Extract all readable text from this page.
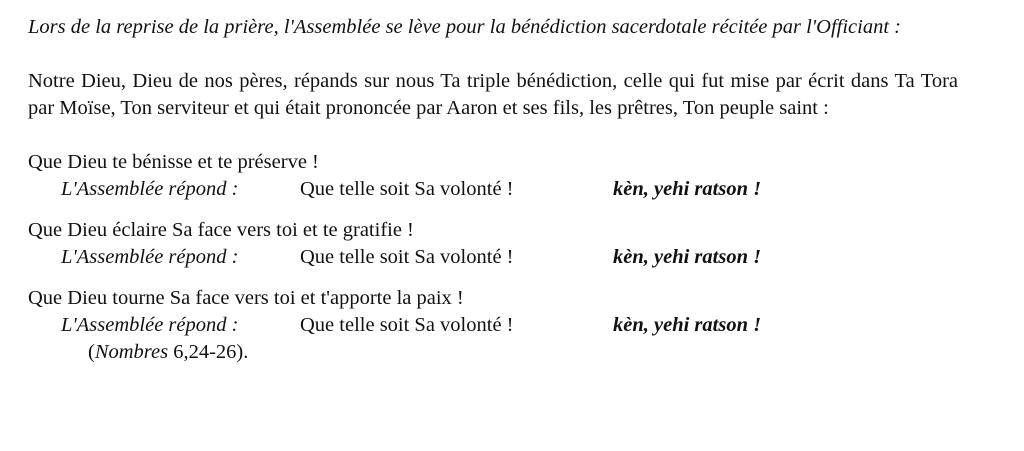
Lors de la reprise de la prière, l'Assemblée se lève pour la bénédiction sacerdotale récitée par l'Officiant :

Notre Dieu, Dieu de nos pères, répands sur nous Ta triple bénédiction, celle qui fut mise par écrit dans Ta Tora par Moïse, Ton serviteur et qui était prononcée par Aaron et ses fils, les prêtres, Ton peuple saint :

Que Dieu te bénisse et te préserve !
L'Assemblée répond :	Que telle soit Sa volonté !	kèn, yehi ratson !
Que Dieu éclaire Sa face vers toi et te gratifie !
L'Assemblée répond :	Que telle soit Sa volonté !	kèn, yehi ratson !
Que Dieu tourne Sa face vers toi et t'apporte la paix !
L'Assemblée répond :	Que telle soit Sa volonté !	kèn, yehi ratson !
(Nombres 6,24-26).
